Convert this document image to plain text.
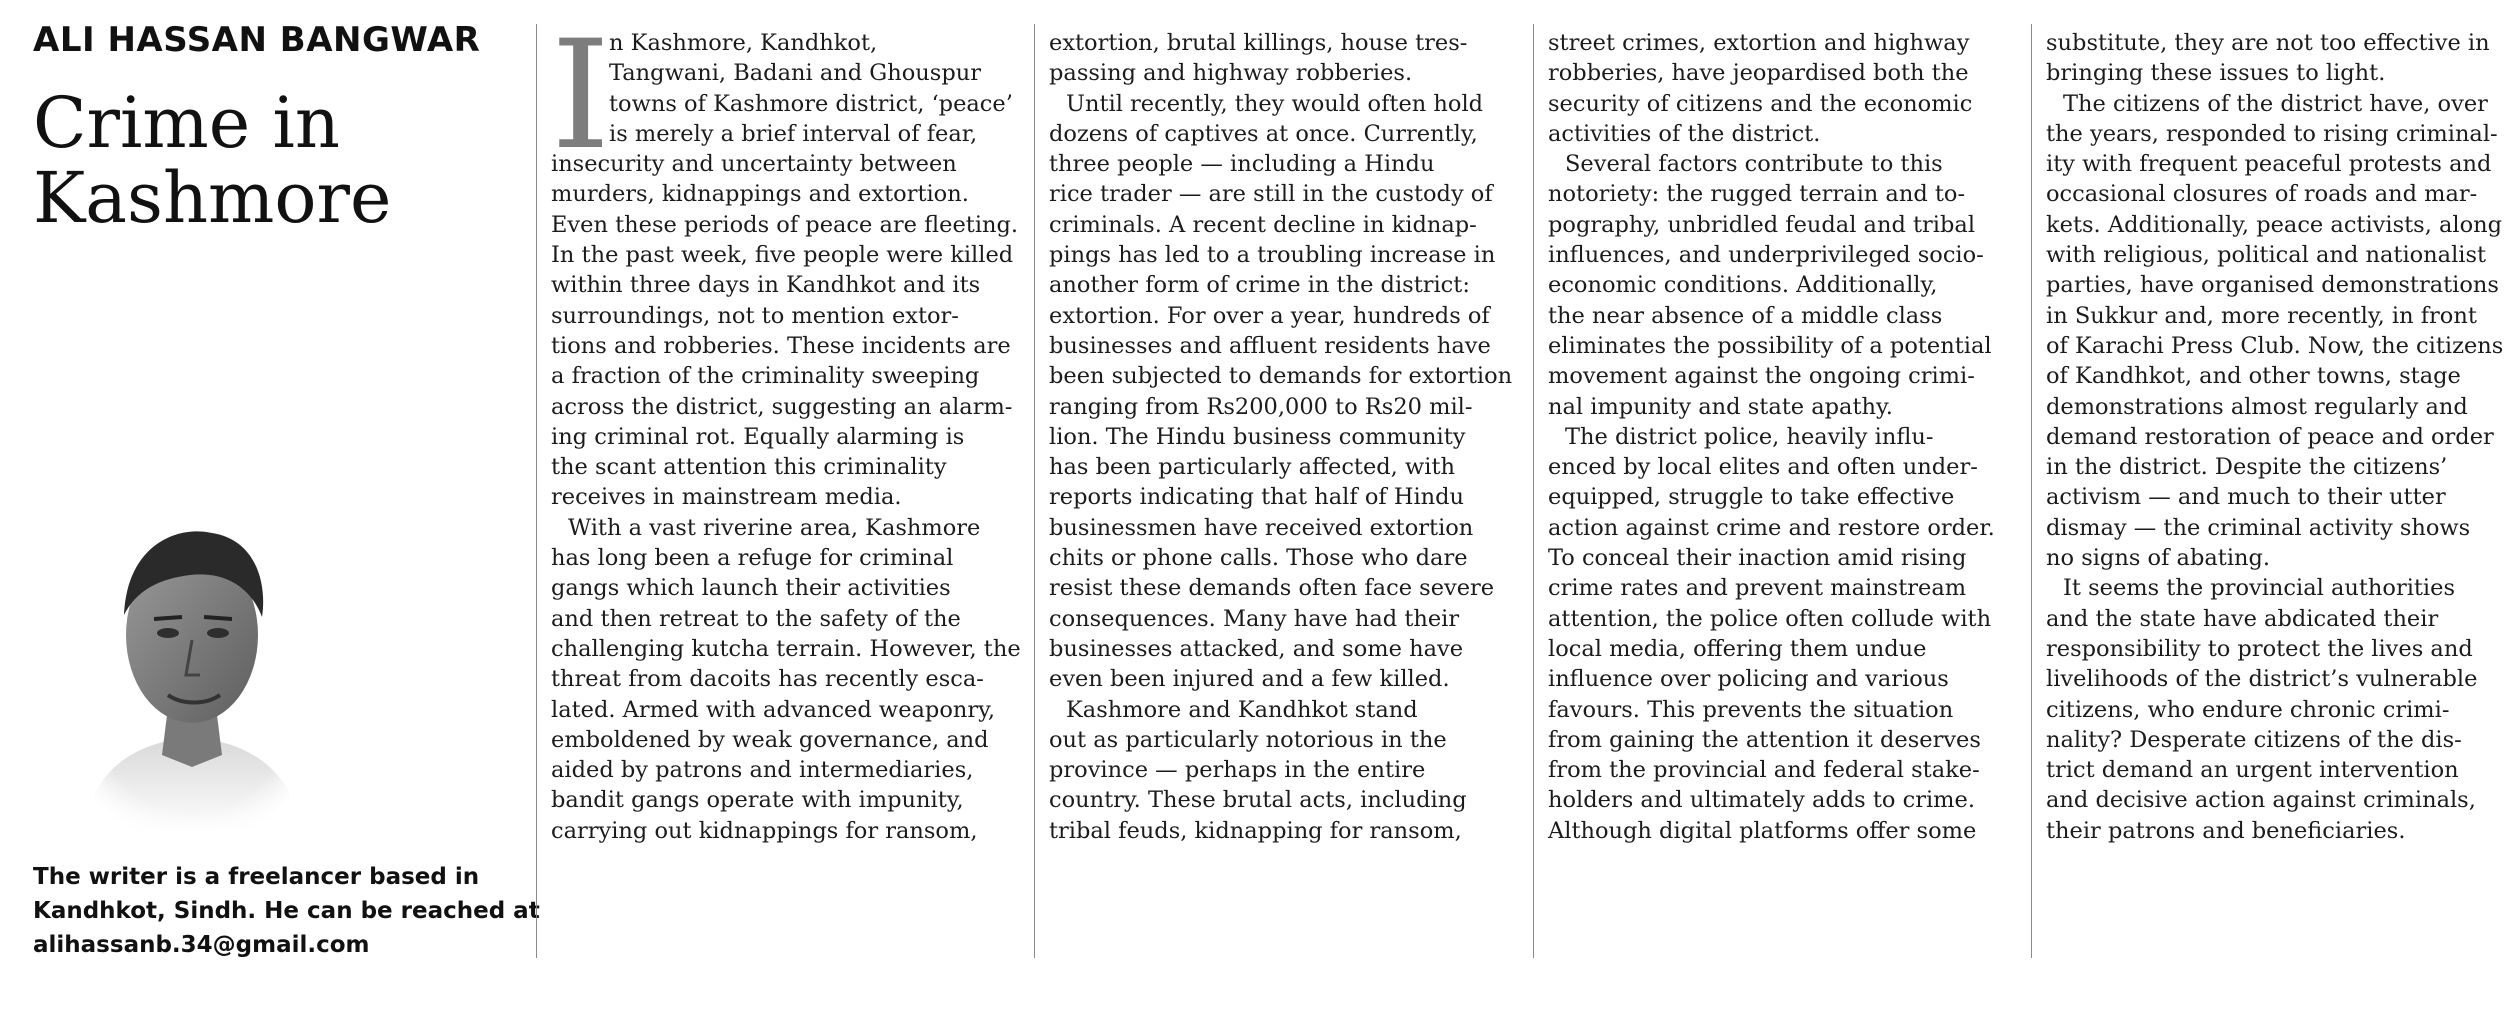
ALI HASSAN BANGWAR
Crime in Kashmore
The writer is a freelancer based in
Kandhkot, Sindh. He can be reached at
alihassanb.34@gmail.com
I
n Kashmore, Kandhkot,
Tangwani, Badani and Ghouspur
towns of Kashmore district, ‘peace’
is merely a brief interval of fear,
insecurity and uncertainty between
murders, kidnappings and extortion.
Even these periods of peace are fleeting.
In the past week, five people were killed
within three days in Kandhkot and its
surroundings, not to mention extor-
tions and robberies. These incidents are
a fraction of the criminality sweeping
across the district, suggesting an alarm-
ing criminal rot. Equally alarming is
the scant attention this criminality
receives in mainstream media.
With a vast riverine area, Kashmore
has long been a refuge for criminal
gangs which launch their activities
and then retreat to the safety of the
challenging kutcha terrain. However, the
threat from dacoits has recently esca-
lated. Armed with advanced weaponry,
emboldened by weak governance, and
aided by patrons and intermediaries,
bandit gangs operate with impunity,
carrying out kidnappings for ransom,
extortion, brutal killings, house tres-
passing and highway robberies.
Until recently, they would often hold
dozens of captives at once. Currently,
three people — including a Hindu
rice trader — are still in the custody of
criminals. A recent decline in kidnap-
pings has led to a troubling increase in
another form of crime in the district:
extortion. For over a year, hundreds of
businesses and affluent residents have
been subjected to demands for extortion
ranging from Rs200,000 to Rs20 mil-
lion. The Hindu business community
has been particularly affected, with
reports indicating that half of Hindu
businessmen have received extortion
chits or phone calls. Those who dare
resist these demands often face severe
consequences. Many have had their
businesses attacked, and some have
even been injured and a few killed.
Kashmore and Kandhkot stand
out as particularly notorious in the
province — perhaps in the entire
country. These brutal acts, including
tribal feuds, kidnapping for ransom,
street crimes, extortion and highway
robberies, have jeopardised both the
security of citizens and the economic
activities of the district.
Several factors contribute to this
notoriety: the rugged terrain and to-
pography, unbridled feudal and tribal
influences, and underprivileged socio-
economic conditions. Additionally,
the near absence of a middle class
eliminates the possibility of a potential
movement against the ongoing crimi-
nal impunity and state apathy.
The district police, heavily influ-
enced by local elites and often under-
equipped, struggle to take effective
action against crime and restore order.
To conceal their inaction amid rising
crime rates and prevent mainstream
attention, the police often collude with
local media, offering them undue
influence over policing and various
favours. This prevents the situation
from gaining the attention it deserves
from the provincial and federal stake-
holders and ultimately adds to crime.
Although digital platforms offer some
substitute, they are not too effective in
bringing these issues to light.
The citizens of the district have, over
the years, responded to rising criminal-
ity with frequent peaceful protests and
occasional closures of roads and mar-
kets. Additionally, peace activists, along
with religious, political and nationalist
parties, have organised demonstrations
in Sukkur and, more recently, in front
of Karachi Press Club. Now, the citizens
of Kandhkot, and other towns, stage
demonstrations almost regularly and
demand restoration of peace and order
in the district. Despite the citizens’
activism — and much to their utter
dismay — the criminal activity shows
no signs of abating.
It seems the provincial authorities
and the state have abdicated their
responsibility to protect the lives and
livelihoods of the district’s vulnerable
citizens, who endure chronic crimi-
nality? Desperate citizens of the dis-
trict demand an urgent intervention
and decisive action against criminals,
their patrons and beneficiaries.
